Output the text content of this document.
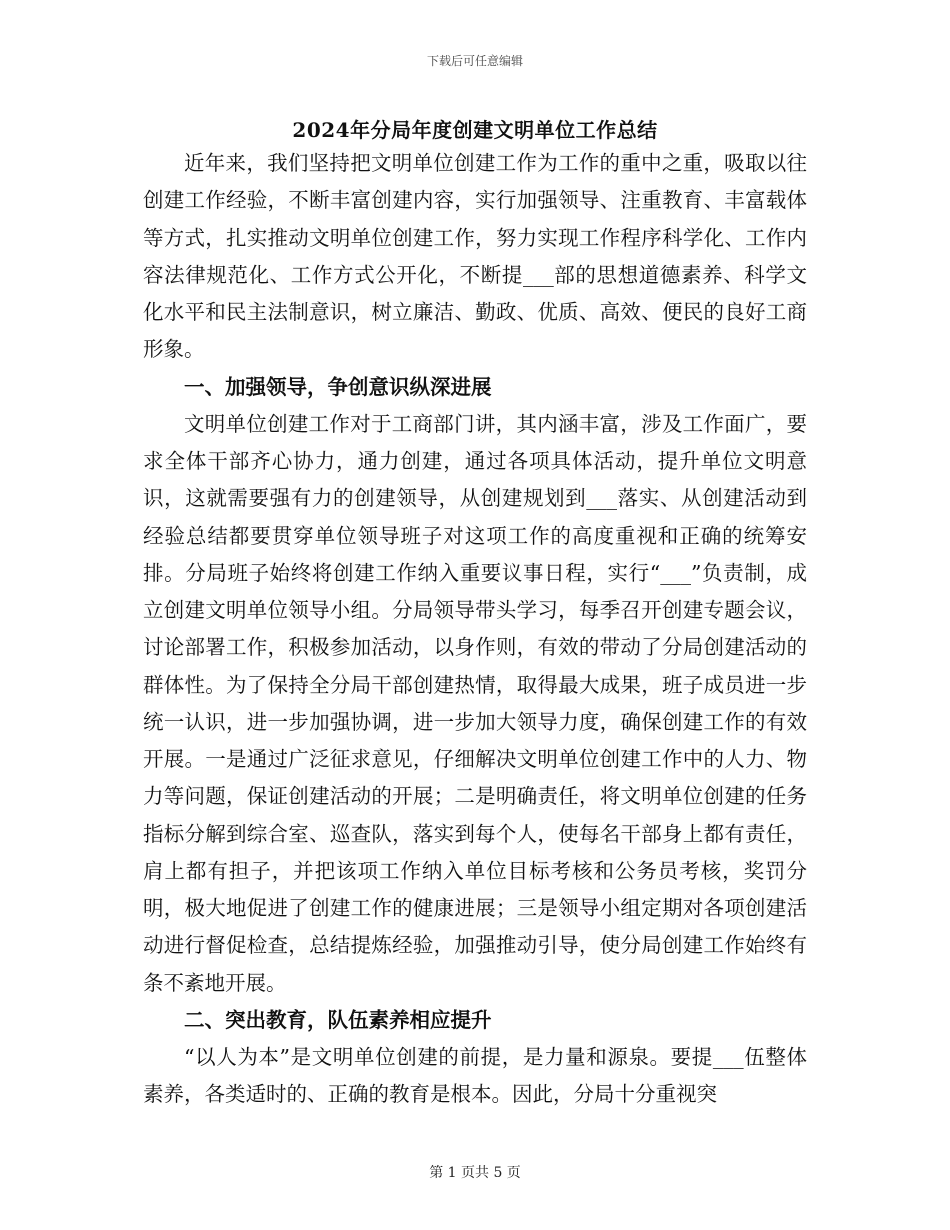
下载后可任意编辑
2024年分局年度创建文明单位工作总结

近年来，我们坚持把文明单位创建工作为工作的重中之重，吸取以往创建工作经验，不断丰富创建内容，实行加强领导、注重教育、丰富载体等方式，扎实推动文明单位创建工作，努力实现工作程序科学化、工作内容法律规范化、工作方式公开化，不断提___部的思想道德素养、科学文化水平和民主法制意识，树立廉洁、勤政、优质、高效、便民的良好工商形象。

一、加强领导，争创意识纵深进展

文明单位创建工作对于工商部门讲，其内涵丰富，涉及工作面广，要求全体干部齐心协力，通力创建，通过各项具体活动，提升单位文明意识，这就需要强有力的创建领导，从创建规划到___落实、从创建活动到经验总结都要贯穿单位领导班子对这项工作的高度重视和正确的统筹安排。分局班子始终将创建工作纳入重要议事日程，实行“___”负责制，成立创建文明单位领导小组。分局领导带头学习，每季召开创建专题会议，讨论部署工作，积极参加活动，以身作则，有效的带动了分局创建活动的群体性。为了保持全分局干部创建热情，取得最大成果，班子成员进一步统一认识，进一步加强协调，进一步加大领导力度，确保创建工作的有效开展。一是通过广泛征求意见，仔细解决文明单位创建工作中的人力、物力等问题，保证创建活动的开展；二是明确责任，将文明单位创建的任务指标分解到综合室、巡查队，落实到每个人，使每名干部身上都有责任，肩上都有担子，并把该项工作纳入单位目标考核和公务员考核，奖罚分明，极大地促进了创建工作的健康进展；三是领导小组定期对各项创建活动进行督促检查，总结提炼经验，加强推动引导，使分局创建工作始终有条不紊地开展。

二、突出教育，队伍素养相应提升

“以人为本”是文明单位创建的前提，是力量和源泉。要提___伍整体素养，各类适时的、正确的教育是根本。因此，分局十分重视突

第 1 页共 5 页
